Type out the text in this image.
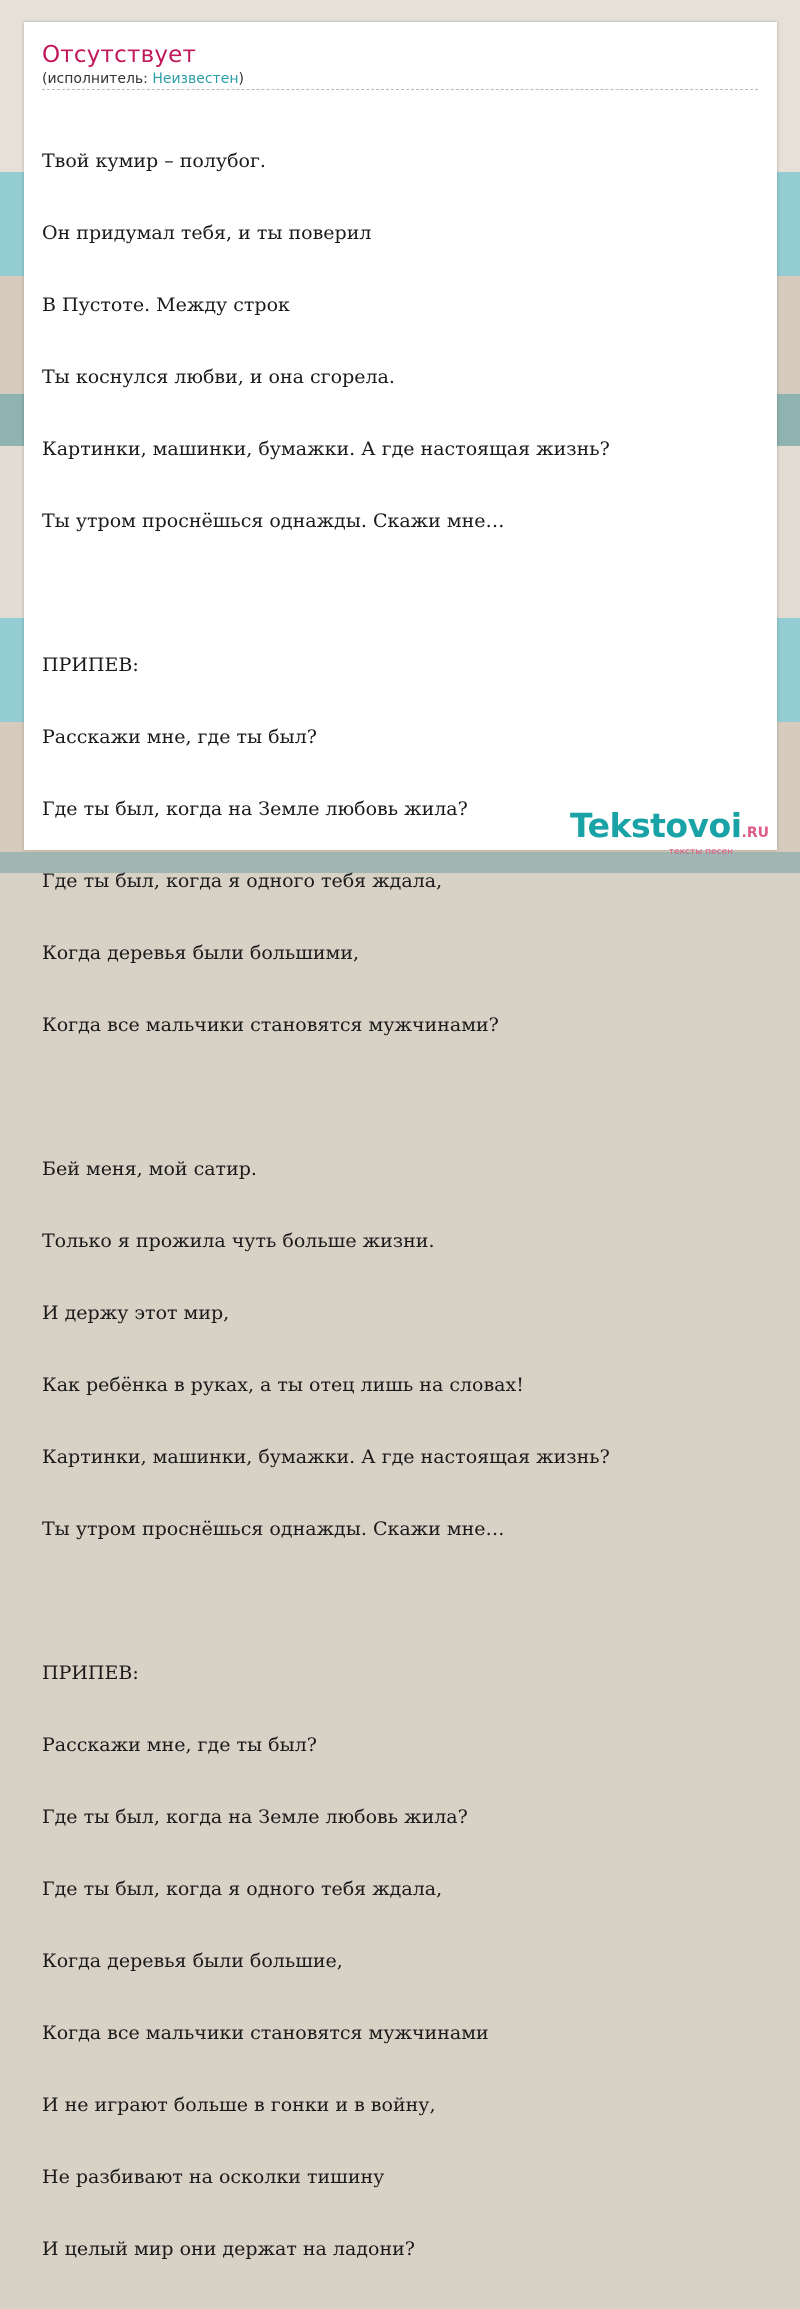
Отсутствует
(исполнитель: Неизвестен)

Твой кумир – полубог.

Он придумал тебя, и ты поверил

В Пустоте. Между строк

Ты коснулся любви, и она сгорела.

Картинки, машинки, бумажки. А где настоящая жизнь?

Ты утром проснёшься однажды. Скажи мне…

ПРИПЕВ:

Расскажи мне, где ты был?

Где ты был, когда на Земле любовь жила?

Где ты был, когда я одного тебя ждала,

Когда деревья были большими,

Когда все мальчики становятся мужчинами?

Бей меня, мой сатир.

Только я прожила чуть больше жизни.

И держу этот мир,

Как ребёнка в руках, а ты отец лишь на словах!

Картинки, машинки, бумажки. А где настоящая жизнь?

Ты утром проснёшься однажды. Скажи мне…

ПРИПЕВ:

Расскажи мне, где ты был?

Где ты был, когда на Земле любовь жила?

Где ты был, когда я одного тебя ждала,

Когда деревья были большие,

Когда все мальчики становятся мужчинами

И не играют больше в гонки и в войну,

Не разбивают на осколки тишину

И целый мир они держат на ладони?

Tekstovoi.RU
тексты песен
